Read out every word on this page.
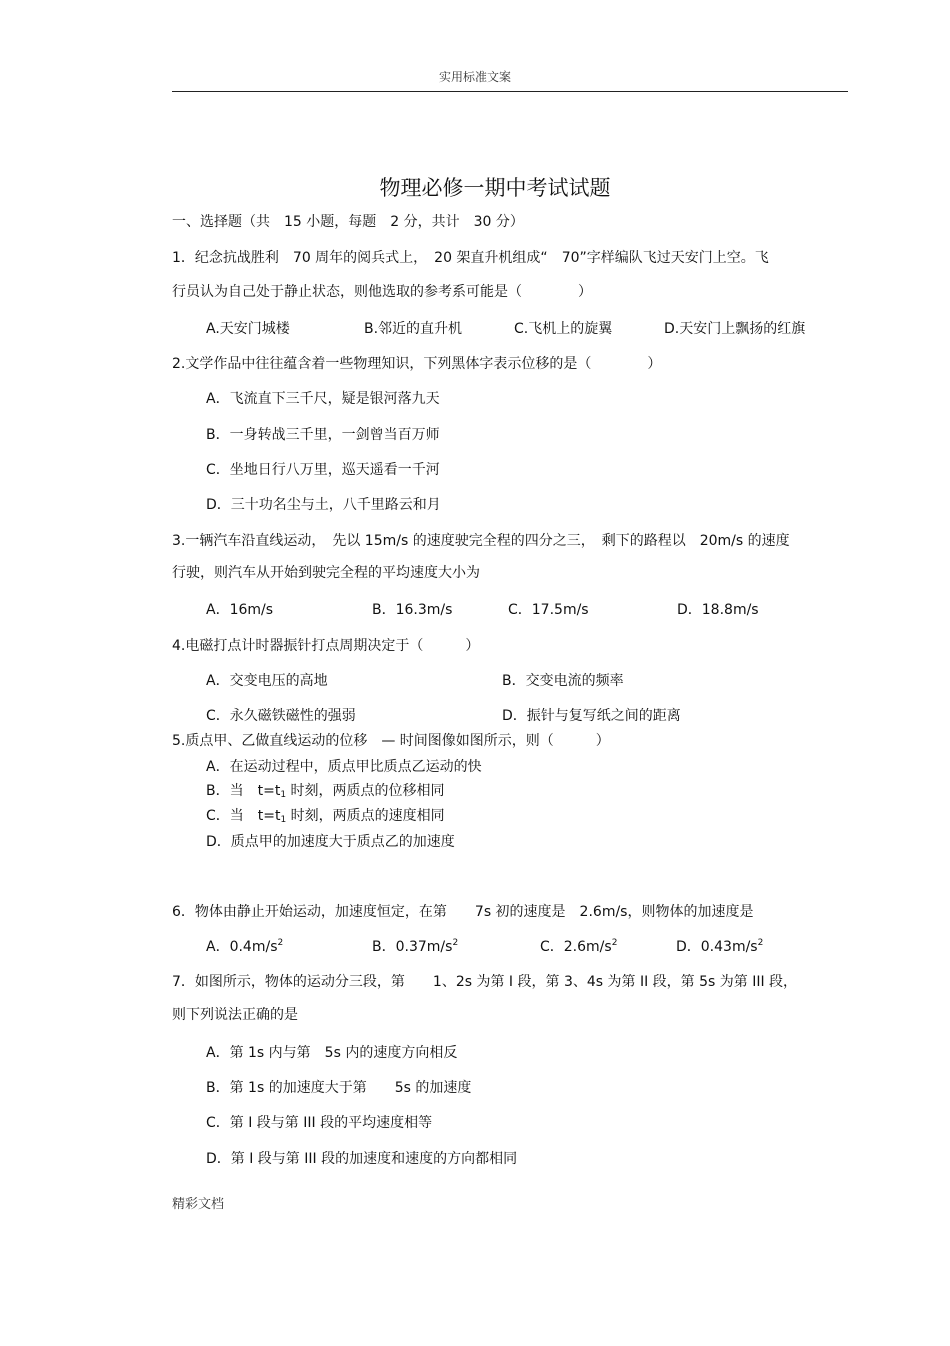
实用标准文案
物理必修一期中考试试题
一、选择题（共　15 小题，每题　2 分，共计　30 分）
1．纪念抗战胜利　70 周年的阅兵式上，　20 架直升机组成“　70”字样编队飞过天安门上空。飞
行员认为自己处于静止状态，则他选取的参考系可能是（　　　　）
A.天安门城楼	B.邻近的直升机	C.飞机上的旋翼	D.天安门上飘扬的红旗
2.文学作品中往往蕴含着一些物理知识，下列黑体字表示位移的是（　　　　）
A．飞流直下三千尺，疑是银河落九天
B．一身转战三千里，一剑曾当百万师
C．坐地日行八万里，巡天遥看一千河
D．三十功名尘与土，八千里路云和月
3.一辆汽车沿直线运动，　先以 15m/s 的速度驶完全程的四分之三，　剩下的路程以　20m/s 的速度
行驶，则汽车从开始到驶完全程的平均速度大小为
A．16m/s	B．16.3m/s	C．17.5m/s	D．18.8m/s
4.电磁打点计时器振针打点周期决定于（　　　）
A．交变电压的高地	B．交变电流的频率
C．永久磁铁磁性的强弱	D．振针与复写纸之间的距离
5.质点甲、乙做直线运动的位移　— 时间图像如图所示，则（　　　）
A．在运动过程中，质点甲比质点乙运动的快
B．当　$t=t_1$ 时刻，两质点的位移相同
C．当　$t=t_1$ 时刻，两质点的速度相同
D．质点甲的加速度大于质点乙的加速度
6．物体由静止开始运动，加速度恒定，在第　　7s 初的速度是　2.6m/s，则物体的加速度是
A．$0.4m/s^2$	B．$0.37m/s^2$	C．$2.6m/s^2$	D．$0.43m/s^2$
7．如图所示，物体的运动分三段，第　　1、2s 为第 I 段，第 3、4s 为第 II 段，第 5s 为第 III 段，
则下列说法正确的是
A．第 1s 内与第　5s 内的速度方向相反
B．第 1s 的加速度大于第　　5s 的加速度
C．第 I 段与第 III 段的平均速度相等
D．第 I 段与第 III 段的加速度和速度的方向都相同
精彩文档
